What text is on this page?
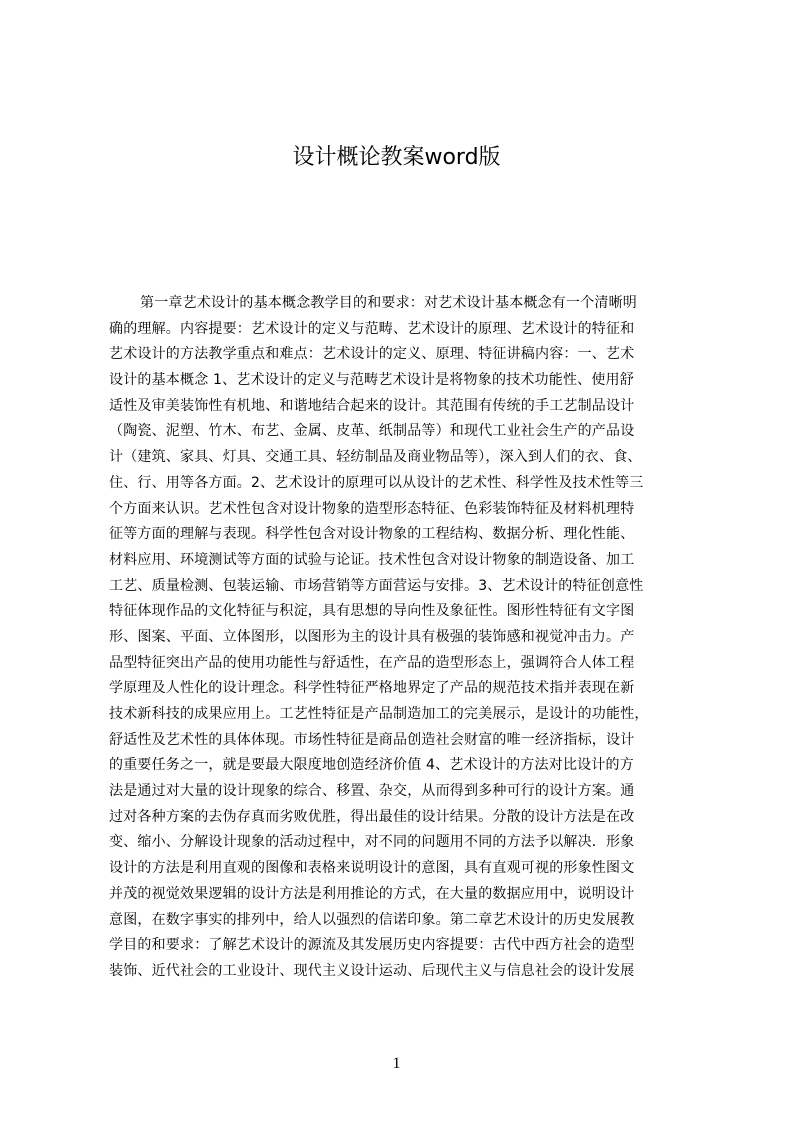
设计概论教案word版
第一章艺术设计的基本概念教学目的和要求：对艺术设计基本概念有一个清晰明
确的理解。内容提要：艺术设计的定义与范畴、艺术设计的原理、艺术设计的特征和
艺术设计的方法教学重点和难点：艺术设计的定义、原理、特征讲稿内容：一、艺术
设计的基本概念 1、艺术设计的定义与范畴艺术设计是将物象的技术功能性、使用舒
适性及审美装饰性有机地、和谐地结合起来的设计。其范围有传统的手工艺制品设计
（陶瓷、泥塑、竹木、布艺、金属、皮革、纸制品等）和现代工业社会生产的产品设
计（建筑、家具、灯具、交通工具、轻纺制品及商业物品等），深入到人们的衣、食、
住、行、用等各方面。2、艺术设计的原理可以从设计的艺术性、科学性及技术性等三
个方面来认识。艺术性包含对设计物象的造型形态特征、色彩装饰特征及材料机理特
征等方面的理解与表现。科学性包含对设计物象的工程结构、数据分析、理化性能、
材料应用、环境测试等方面的试验与论证。技术性包含对设计物象的制造设备、加工
工艺、质量检测、包装运输、市场营销等方面营运与安排。3、艺术设计的特征创意性
特征体现作品的文化特征与积淀，具有思想的导向性及象征性。图形性特征有文字图
形、图案、平面、立体图形，以图形为主的设计具有极强的装饰感和视觉冲击力。产
品型特征突出产品的使用功能性与舒适性，在产品的造型形态上，强调符合人体工程
学原理及人性化的设计理念。科学性特征严格地界定了产品的规范技术指并表现在新
技术新科技的成果应用上。工艺性特征是产品制造加工的完美展示，是设计的功能性，
舒适性及艺术性的具体体现。市场性特征是商品创造社会财富的唯一经济指标，设计
的重要任务之一，就是要最大限度地创造经济价值 4、艺术设计的方法对比设计的方
法是通过对大量的设计现象的综合、移置、杂交，从而得到多种可行的设计方案。通
过对各种方案的去伪存真而劣败优胜，得出最佳的设计结果。分散的设计方法是在改
变、缩小、分解设计现象的活动过程中，对不同的问题用不同的方法予以解决．形象
设计的方法是利用直观的图像和表格来说明设计的意图，具有直观可视的形象性图文
并茂的视觉效果逻辑的设计方法是利用推论的方式，在大量的数据应用中，说明设计
意图，在数字事实的排列中，给人以强烈的信诺印象。第二章艺术设计的历史发展教
学目的和要求：了解艺术设计的源流及其发展历史内容提要：古代中西方社会的造型
装饰、近代社会的工业设计、现代主义设计运动、后现代主义与信息社会的设计发展
1
